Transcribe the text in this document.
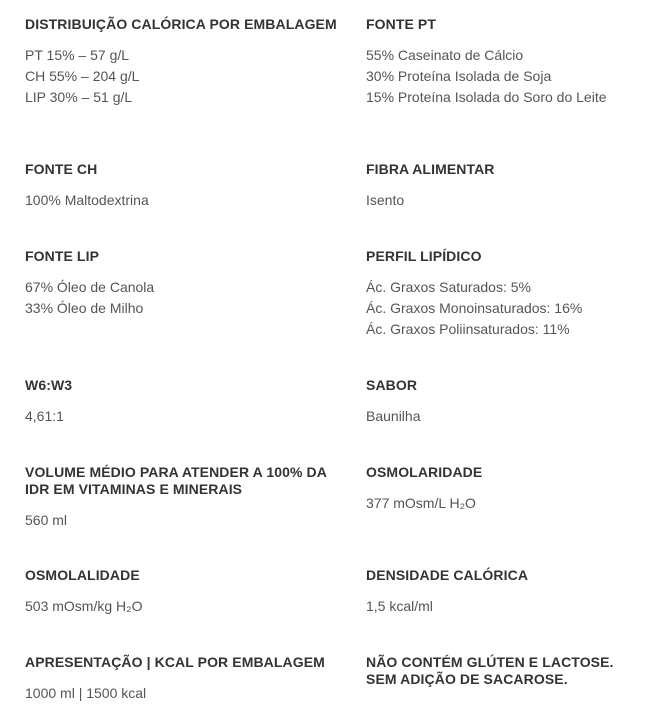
DISTRIBUIÇÃO CALÓRICA POR EMBALAGEM
PT 15% – 57 g/L
CH 55% – 204 g/L
LIP 30% – 51 g/L
FONTE PT
55% Caseinato de Cálcio
30% Proteína Isolada de Soja
15% Proteína Isolada do Soro do Leite
FONTE CH
100% Maltodextrina
FIBRA ALIMENTAR
Isento
FONTE LIP
67% Óleo de Canola
33% Óleo de Milho
PERFIL LIPÍDICO
Ác. Graxos Saturados: 5%
Ác. Graxos Monoinsaturados: 16%
Ác. Graxos Poliinsaturados: 11%
W6:W3
4,61:1
SABOR
Baunilha
VOLUME MÉDIO PARA ATENDER A 100% DA IDR EM VITAMINAS E MINERAIS
560 ml
OSMOLARIDADE
377 mOsm/L H₂O
OSMOLALIDADE
503 mOsm/kg H₂O
DENSIDADE CALÓRICA
1,5 kcal/ml
APRESENTAÇÃO | KCAL POR EMBALAGEM
1000 ml | 1500 kcal
NÃO CONTÉM GLÚTEN E LACTOSE. SEM ADIÇÃO DE SACAROSE.
